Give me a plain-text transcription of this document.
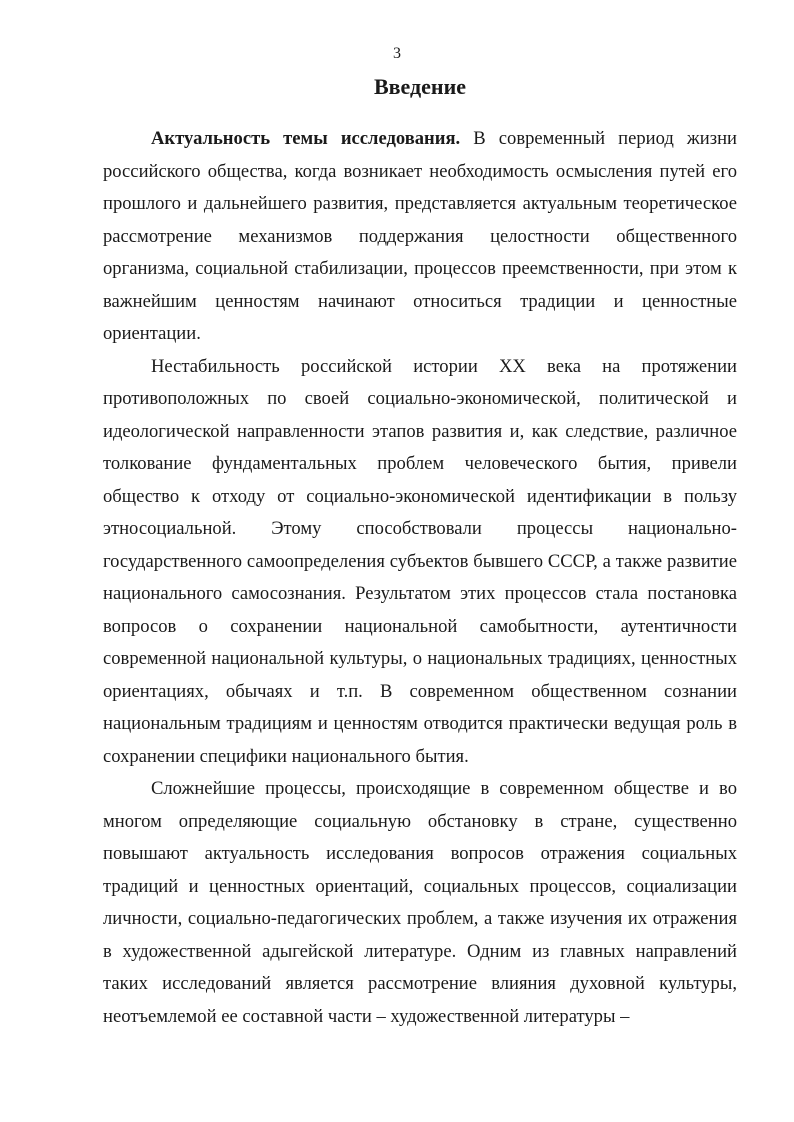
3
Введение

Актуальность темы исследования. В современный период жизни российского общества, когда возникает необходимость осмысления путей его прошлого и дальнейшего развития, представляется актуальным теоретическое рассмотрение механизмов поддержания целостности общественного организма, социальной стабилизации, процессов преемственности, при этом к важнейшим ценностям начинают относиться традиции и ценностные ориентации.

Нестабильность российской истории XX века на протяжении противоположных по своей социально-экономической, политической и идеологической направленности этапов развития и, как следствие, различное толкование фундаментальных проблем человеческого бытия, привели общество к отходу от социально-экономической идентификации в пользу этносоциальной. Этому способствовали процессы национально-государственного самоопределения субъектов бывшего СССР, а также развитие национального самосознания. Результатом этих процессов стала постановка вопросов о сохранении национальной самобытности, аутентичности современной национальной культуры, о национальных традициях, ценностных ориентациях, обычаях и т.п. В современном общественном сознании национальным традициям и ценностям отводится практически ведущая роль в сохранении специфики национального бытия.

Сложнейшие процессы, происходящие в современном обществе и во многом определяющие социальную обстановку в стране, существенно повышают актуальность исследования вопросов отражения социальных традиций и ценностных ориентаций, социальных процессов, социализации личности, социально-педагогических проблем, а также изучения их отражения в художественной адыгейской литературе. Одним из главных направлений таких исследований является рассмотрение влияния духовной культуры, неотъемлемой ее составной части – художественной литературы –
